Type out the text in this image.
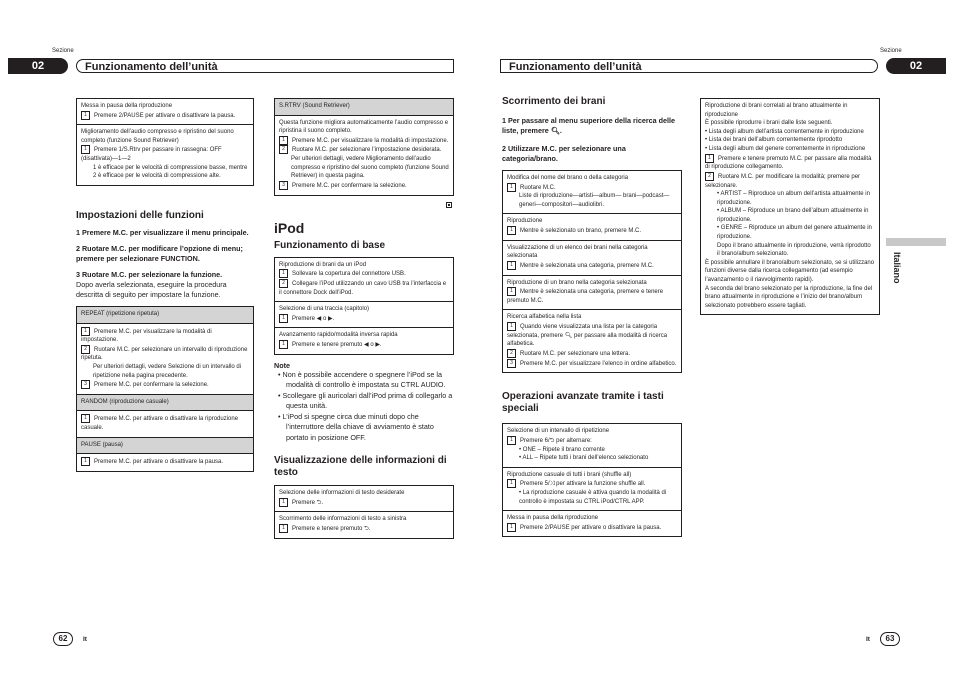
Sezione
02	Funzionamento dell’unità
Sezione
Funzionamento dell’unità	02
Messa in pausa della riproduzione
1 Premere 2/PAUSE per attivare o disattivare la pausa.
Miglioramento dell’audio compresso e ripristino del suono completo (funzione Sound Retriever)
1 Premere 1/S.Rtrv per passare in rassegna: OFF (disattivata)—1—2
1 è efficace per le velocità di compressione basse, mentre 2 è efficace per le velocità di compressione alte.
Impostazioni delle funzioni
1 Premere M.C. per visualizzare il menu principale.
2 Ruotare M.C. per modificare l’opzione di menu; premere per selezionare FUNCTION.
3 Ruotare M.C. per selezionare la funzione.
Dopo averla selezionata, eseguire la procedura descritta di seguito per impostare la funzione.
REPEAT (ripetizione ripetuta)
1 Premere M.C. per visualizzare la modalità di impostazione.
2 Ruotare M.C. per selezionare un intervallo di riproduzione ripetuta.
Per ulteriori dettagli, vedere Selezione di un intervallo di ripetizione nella pagina precedente.
3 Premere M.C. per confermare la selezione.
RANDOM (riproduzione casuale)
1 Premere M.C. per attivare o disattivare la riproduzione casuale.
PAUSE (pausa)
1 Premere M.C. per attivare o disattivare la pausa.
S.RTRV (Sound Retriever)
Questa funzione migliora automaticamente l’audio compresso e ripristina il suono completo.
1 Premere M.C. per visualizzare la modalità di impostazione.
2 Ruotare M.C. per selezionare l’impostazione desiderata.
Per ulteriori dettagli, vedere Miglioramento dell’audio compresso e ripristino del suono completo (funzione Sound Retriever) in questa pagina.
3 Premere M.C. per confermare la selezione.
iPod
Funzionamento di base
Riproduzione di brani da un iPod
1 Sollevare la copertura del connettore USB.
2 Collegare l’iPod utilizzando un cavo USB tra l’interfaccia e il connettore Dock dell’iPod.
Selezione di una traccia (capitolo)
1 Premere ◀ o ▶.
Avanzamento rapido/modalità inversa rapida
1 Premere e tenere premuto ◀ o ▶.
Note
• Non è possibile accendere o spegnere l’iPod se la modalità di controllo è impostata su CTRL AUDIO.
• Scollegare gli auricolari dall’iPod prima di collegarlo a questa unità.
• L’iPod si spegne circa due minuti dopo che l’interruttore della chiave di avviamento è stato portato in posizione OFF.
Visualizzazione delle informazioni di testo
Selezione delle informazioni di testo desiderate
1 Premere ⮌.
Scorrimento delle informazioni di testo a sinistra
1 Premere e tenere premuto ⮌.
Scorrimento dei brani
1 Per passare al menu superiore della ricerca delle liste, premere 🔍︎.
2 Utilizzare M.C. per selezionare una categoria/brano.
Modifica del nome del brano o della categoria
1 Ruotare M.C.
Liste di riproduzione—artisti—album— brani—podcast—generi—compositori—audiolibri.
Riproduzione
1 Mentre è selezionato un brano, premere M.C.
Visualizzazione di un elenco dei brani nella categoria selezionata
1 Mentre è selezionata una categoria, premere M.C.
Riproduzione di un brano nella categoria selezionata
1 Mentre è selezionata una categoria, premere e tenere premuto M.C.
Ricerca alfabetica nella lista
1 Quando viene visualizzata una lista per la categoria selezionata, premere 🔍︎ per passare alla modalità di ricerca alfabetica.
2 Ruotare M.C. per selezionare una lettera.
3 Premere M.C. per visualizzare l’elenco in ordine alfabetico.
Operazioni avanzate tramite i tasti speciali
Selezione di un intervallo di ripetizione
1 Premere 6/⮌ per alternare:
• ONE – Ripete il brano corrente
• ALL – Ripete tutti i brani dell’elenco selezionato
Riproduzione casuale di tutti i brani (shuffle all)
1 Premere 5/⤨ per attivare la funzione shuffle all.
• La riproduzione casuale è attiva quando la modalità di controllo è impostata su CTRL iPod/CTRL APP.
Messa in pausa della riproduzione
1 Premere 2/PAUSE per attivare o disattivare la pausa.
Riproduzione di brani correlati al brano attualmente in riproduzione
È possibile riprodurre i brani dalle liste seguenti.
• Lista degli album dell’artista correntemente in riproduzione
• Lista dei brani dell’album correntemente riprodotto
• Lista degli album del genere correntemente in riproduzione
1 Premere e tenere premuto M.C. per passare alla modalità di riproduzione collegamento.
2 Ruotare M.C. per modificare la modalità; premere per selezionare.
• ARTIST – Riproduce un album dell’artista attualmente in riproduzione.
• ALBUM – Riproduce un brano dell’album attualmente in riproduzione.
• GENRE – Riproduce un album del genere attualmente in riproduzione.
Dopo il brano attualmente in riproduzione, verrà riprodotto il brano/album selezionato.
È possibile annullare il brano/album selezionato, se si utilizzano funzioni diverse dalla ricerca collegamento (ad esempio l’avanzamento o il riavvolgimento rapidi).
A seconda del brano selezionato per la riproduzione, la fine del brano attualmente in riproduzione e l’inizio del brano/album selezionato potrebbero essere tagliati.
Italiano
62	It	It	63
